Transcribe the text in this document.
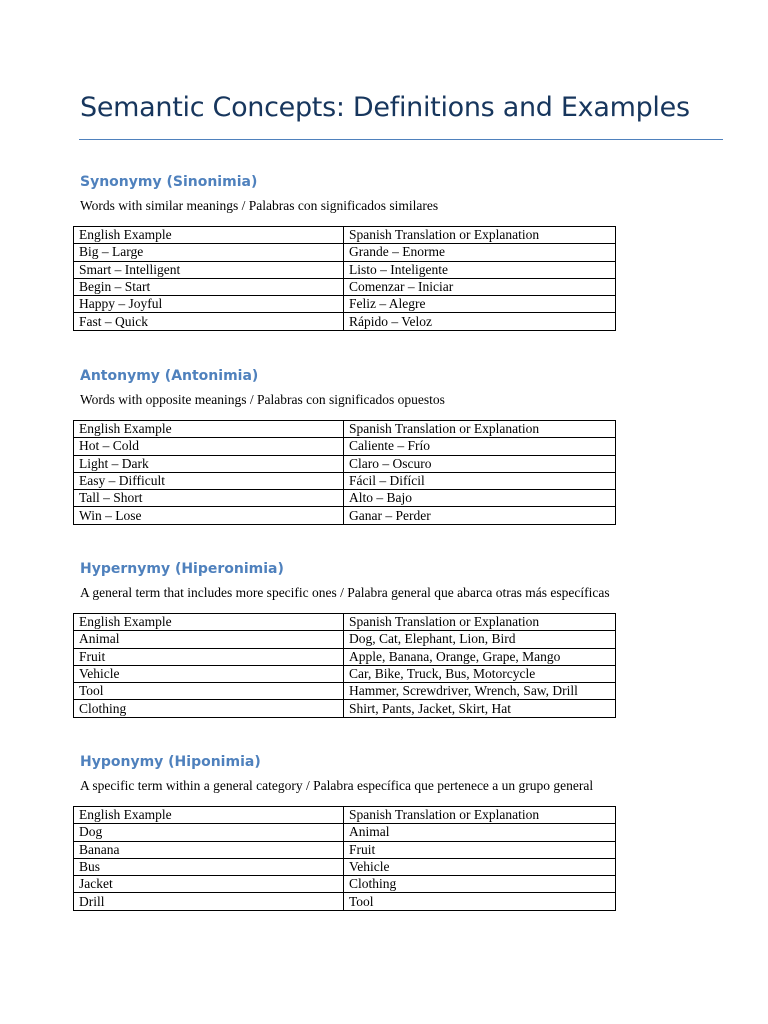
Semantic Concepts: Definitions and Examples
Synonymy (Sinonimia)

Words with similar meanings / Palabras con significados similares

English Example	Spanish Translation or Explanation
Big – Large	Grande – Enorme
Smart – Intelligent	Listo – Inteligente
Begin – Start	Comenzar – Iniciar
Happy – Joyful	Feliz – Alegre
Fast – Quick	Rápido – Veloz
Antonymy (Antonimia)

Words with opposite meanings / Palabras con significados opuestos

English Example	Spanish Translation or Explanation
Hot – Cold	Caliente – Frío
Light – Dark	Claro – Oscuro
Easy – Difficult	Fácil – Difícil
Tall – Short	Alto – Bajo
Win – Lose	Ganar – Perder
Hypernymy (Hiperonimia)

A general term that includes more specific ones / Palabra general que abarca otras más específicas

English Example	Spanish Translation or Explanation
Animal	Dog, Cat, Elephant, Lion, Bird
Fruit	Apple, Banana, Orange, Grape, Mango
Vehicle	Car, Bike, Truck, Bus, Motorcycle
Tool	Hammer, Screwdriver, Wrench, Saw, Drill
Clothing	Shirt, Pants, Jacket, Skirt, Hat
Hyponymy (Hiponimia)

A specific term within a general category / Palabra específica que pertenece a un grupo general

English Example	Spanish Translation or Explanation
Dog	Animal
Banana	Fruit
Bus	Vehicle
Jacket	Clothing
Drill	Tool
